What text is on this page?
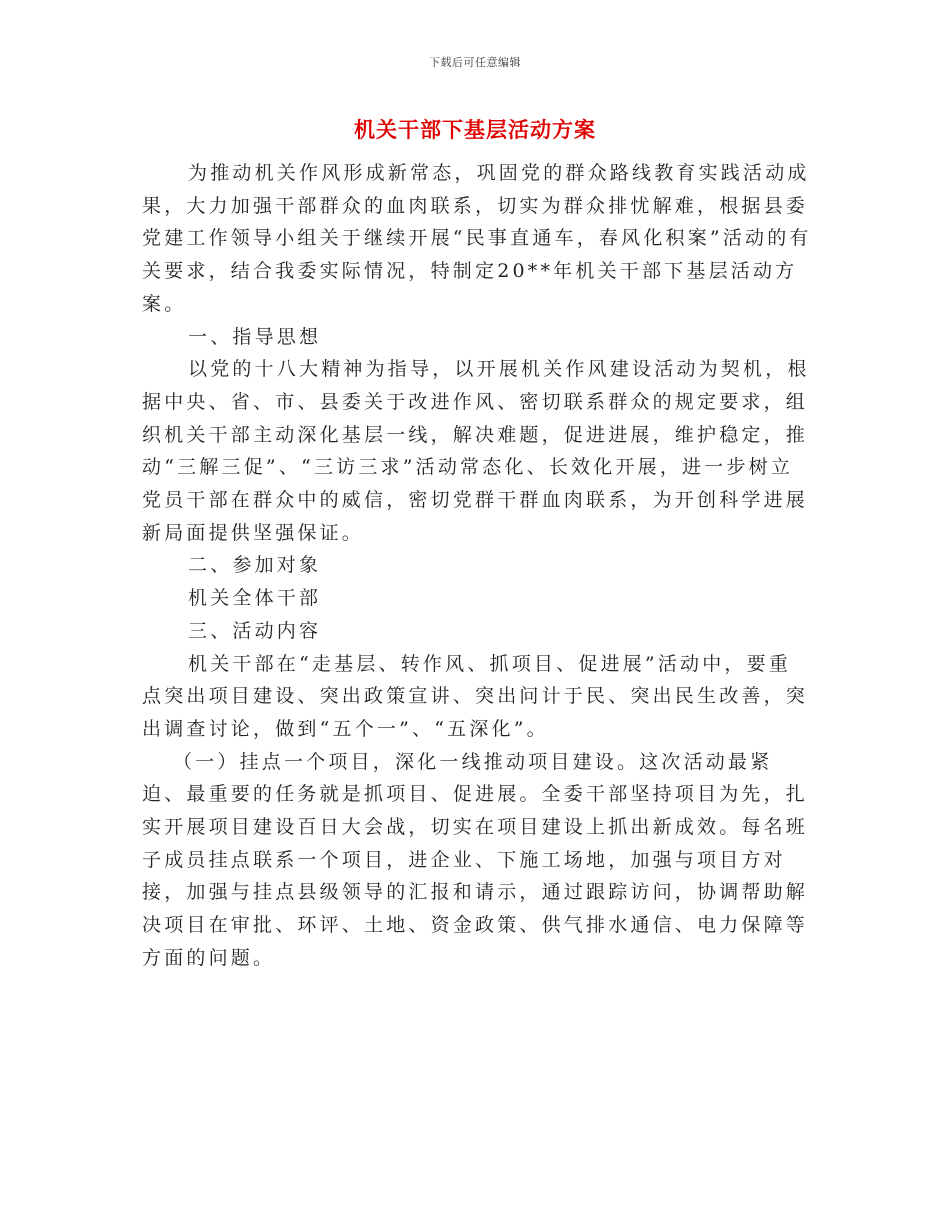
下载后可任意编辑
机关干部下基层活动方案

为推动机关作风形成新常态，巩固党的群众路线教育实践活动成果，大力加强干部群众的血肉联系，切实为群众排忧解难，根据县委党建工作领导小组关于继续开展“民事直通车，春风化积案”活动的有关要求，结合我委实际情况，特制定20**年机关干部下基层活动方案。

一、指导思想

以党的十八大精神为指导，以开展机关作风建设活动为契机，根据中央、省、市、县委关于改进作风、密切联系群众的规定要求，组织机关干部主动深化基层一线，解决难题，促进进展，维护稳定，推动“三解三促”、“三访三求”活动常态化、长效化开展，进一步树立党员干部在群众中的威信，密切党群干群血肉联系，为开创科学进展新局面提供坚强保证。

二、参加对象

机关全体干部

三、活动内容

机关干部在“走基层、转作风、抓项目、促进展”活动中，要重点突出项目建设、突出政策宣讲、突出问计于民、突出民生改善，突出调查讨论，做到“五个一”、“五深化”。

（一）挂点一个项目，深化一线推动项目建设。这次活动最紧迫、最重要的任务就是抓项目、促进展。全委干部坚持项目为先，扎实开展项目建设百日大会战，切实在项目建设上抓出新成效。每名班子成员挂点联系一个项目，进企业、下施工场地，加强与项目方对接，加强与挂点县级领导的汇报和请示，通过跟踪访问，协调帮助解决项目在审批、环评、土地、资金政策、供气排水通信、电力保障等方面的问题。
